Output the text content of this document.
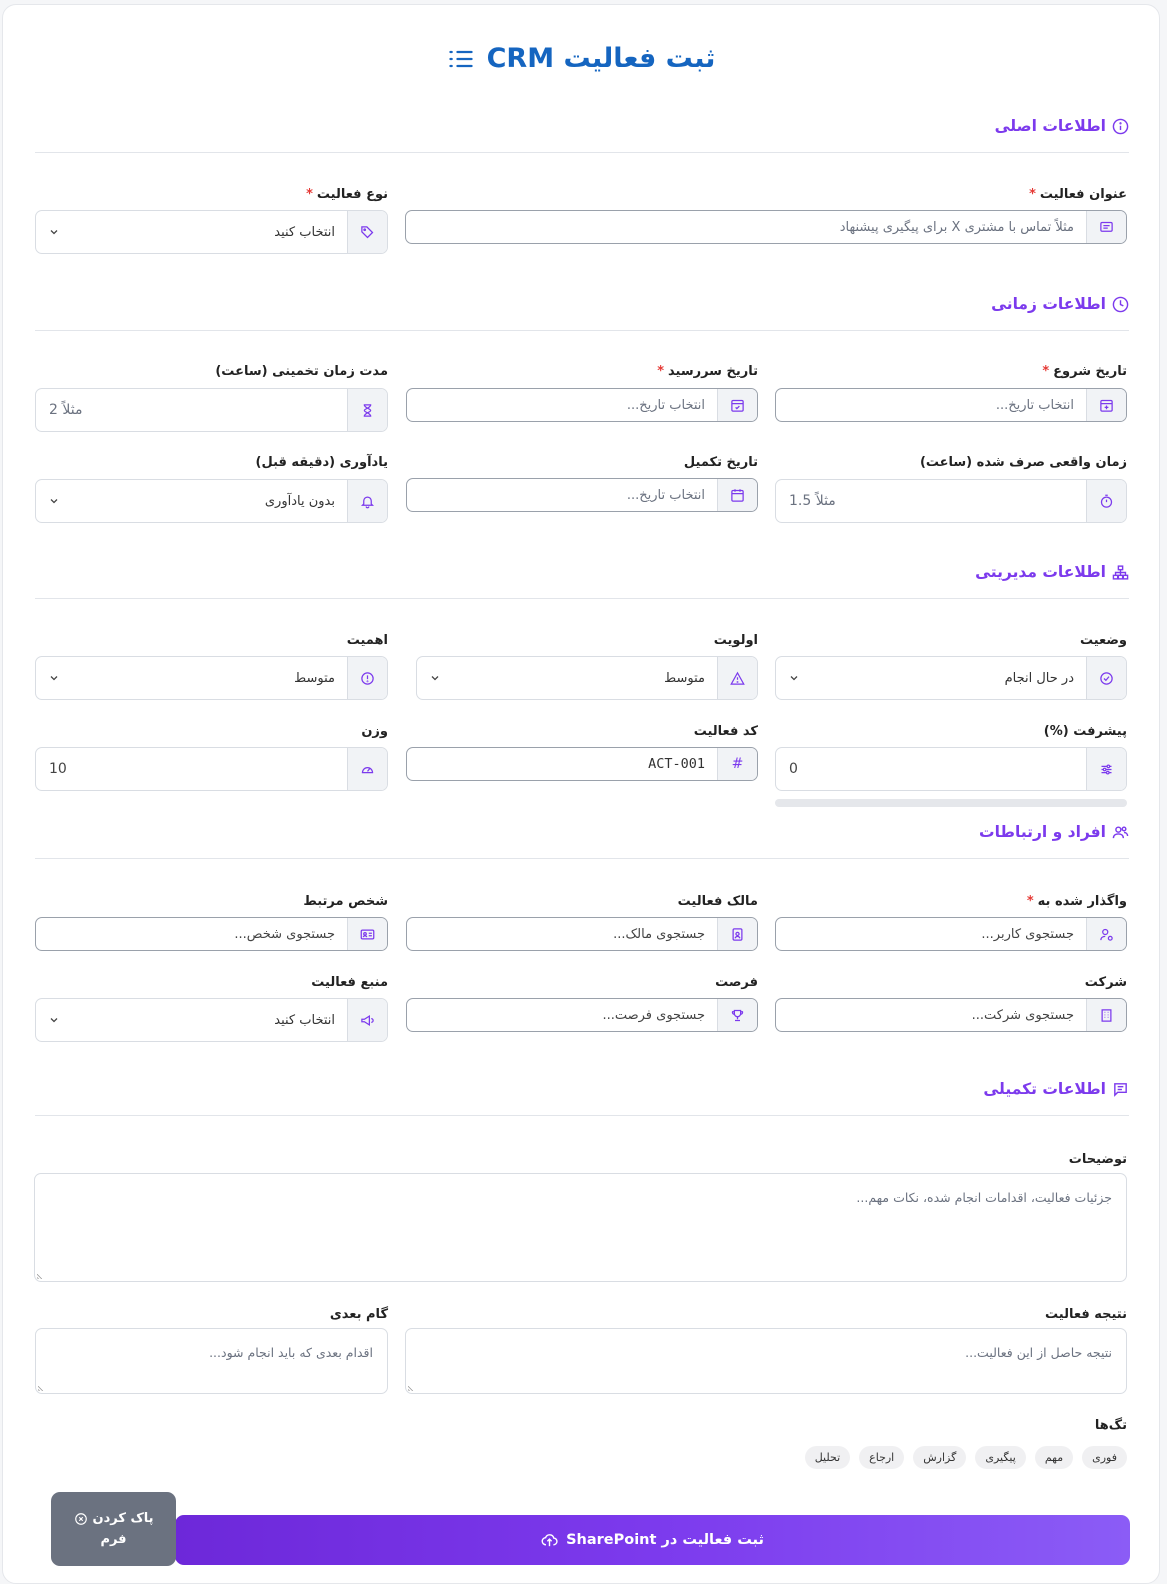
ثبت فعالیت CRM
اطلاعات اصلی
عنوان فعالیت*
مثلاً تماس با مشتری X برای پیگیری پیشنهاد
نوع فعالیت*
انتخاب کنید
اطلاعات زمانی
تاریخ شروع*
انتخاب تاریخ...
تاریخ سررسید*
انتخاب تاریخ...
مدت زمان تخمینی (ساعت)
مثلاً 2
زمان واقعی صرف شده (ساعت)
مثلاً 1.5
تاریخ تکمیل
انتخاب تاریخ...
یادآوری (دقیقه قبل)
بدون یادآوری
اطلاعات مدیریتی
وضعیت
در حال انجام
اولویت
متوسط
اهمیت
متوسط
پیشرفت (%)
0
کد فعالیت
#
ACT-001
وزن
10
افراد و ارتباطات
واگذار شده به*
جستجوی کاربر...
مالک فعالیت
جستجوی مالک...
شخص مرتبط
جستجوی شخص...
شرکت
جستجوی شرکت...
فرصت
جستجوی فرصت...
منبع فعالیت
انتخاب کنید
اطلاعات تکمیلی
توضیحات
جزئیات فعالیت، اقدامات انجام شده، نکات مهم...
نتیجه فعالیت
نتیجه حاصل از این فعالیت...
گام بعدی
اقدام بعدی که باید انجام شود...
تگ‌ها
فوری
مهم
پیگیری
گزارش
ارجاع
تحلیل
ثبت فعالیت در SharePoint
پاک کردن
فرم
